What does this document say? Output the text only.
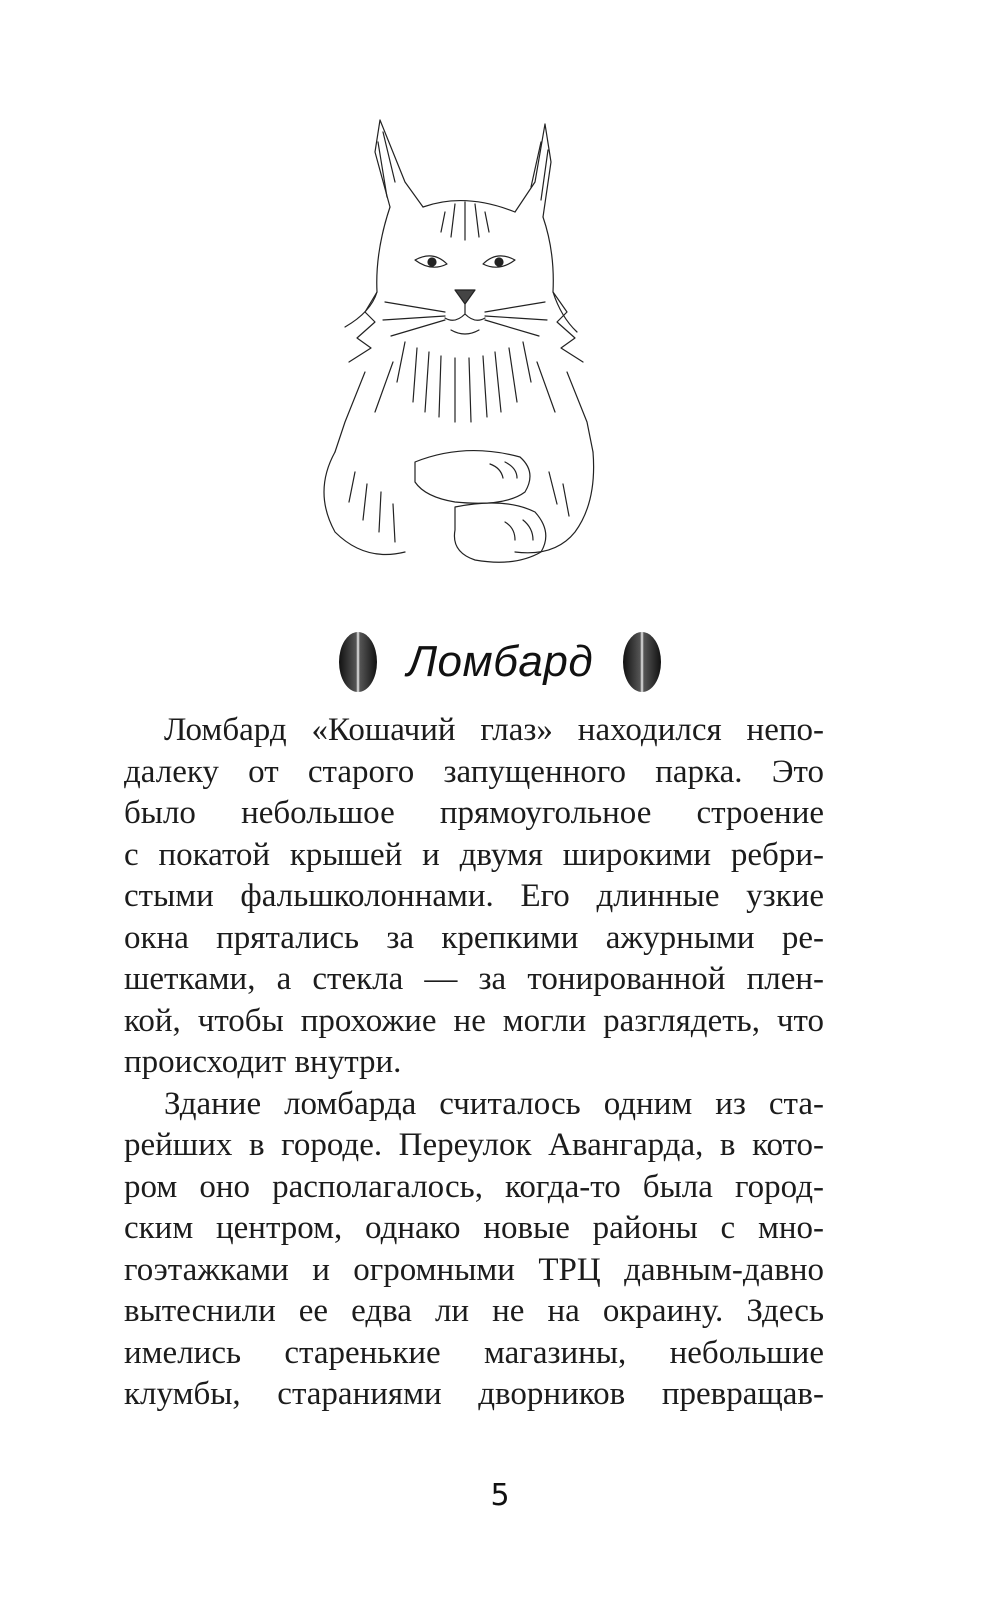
Ломбард

Ломбард «Кошачий глаз» находился непо-
далеку от старого запущенного парка. Это
было небольшое прямоугольное строение
с покатой крышей и двумя широкими ребри-
стыми фальшколоннами. Его длинные узкие
окна прятались за крепкими ажурными ре-
шетками, а стекла — за тонированной плен-
кой, чтобы прохожие не могли разглядеть, что
происходит внутри.

Здание ломбарда считалось одним из ста-
рейших в городе. Переулок Авангарда, в кото-
ром оно располагалось, когда-то была город-
ским центром, однако новые районы с мно-
гоэтажками и огромными ТРЦ давным-давно
вытеснили ее едва ли не на окраину. Здесь
имелись старенькие магазины, небольшие
клумбы, стараниями дворников превращав-

5
